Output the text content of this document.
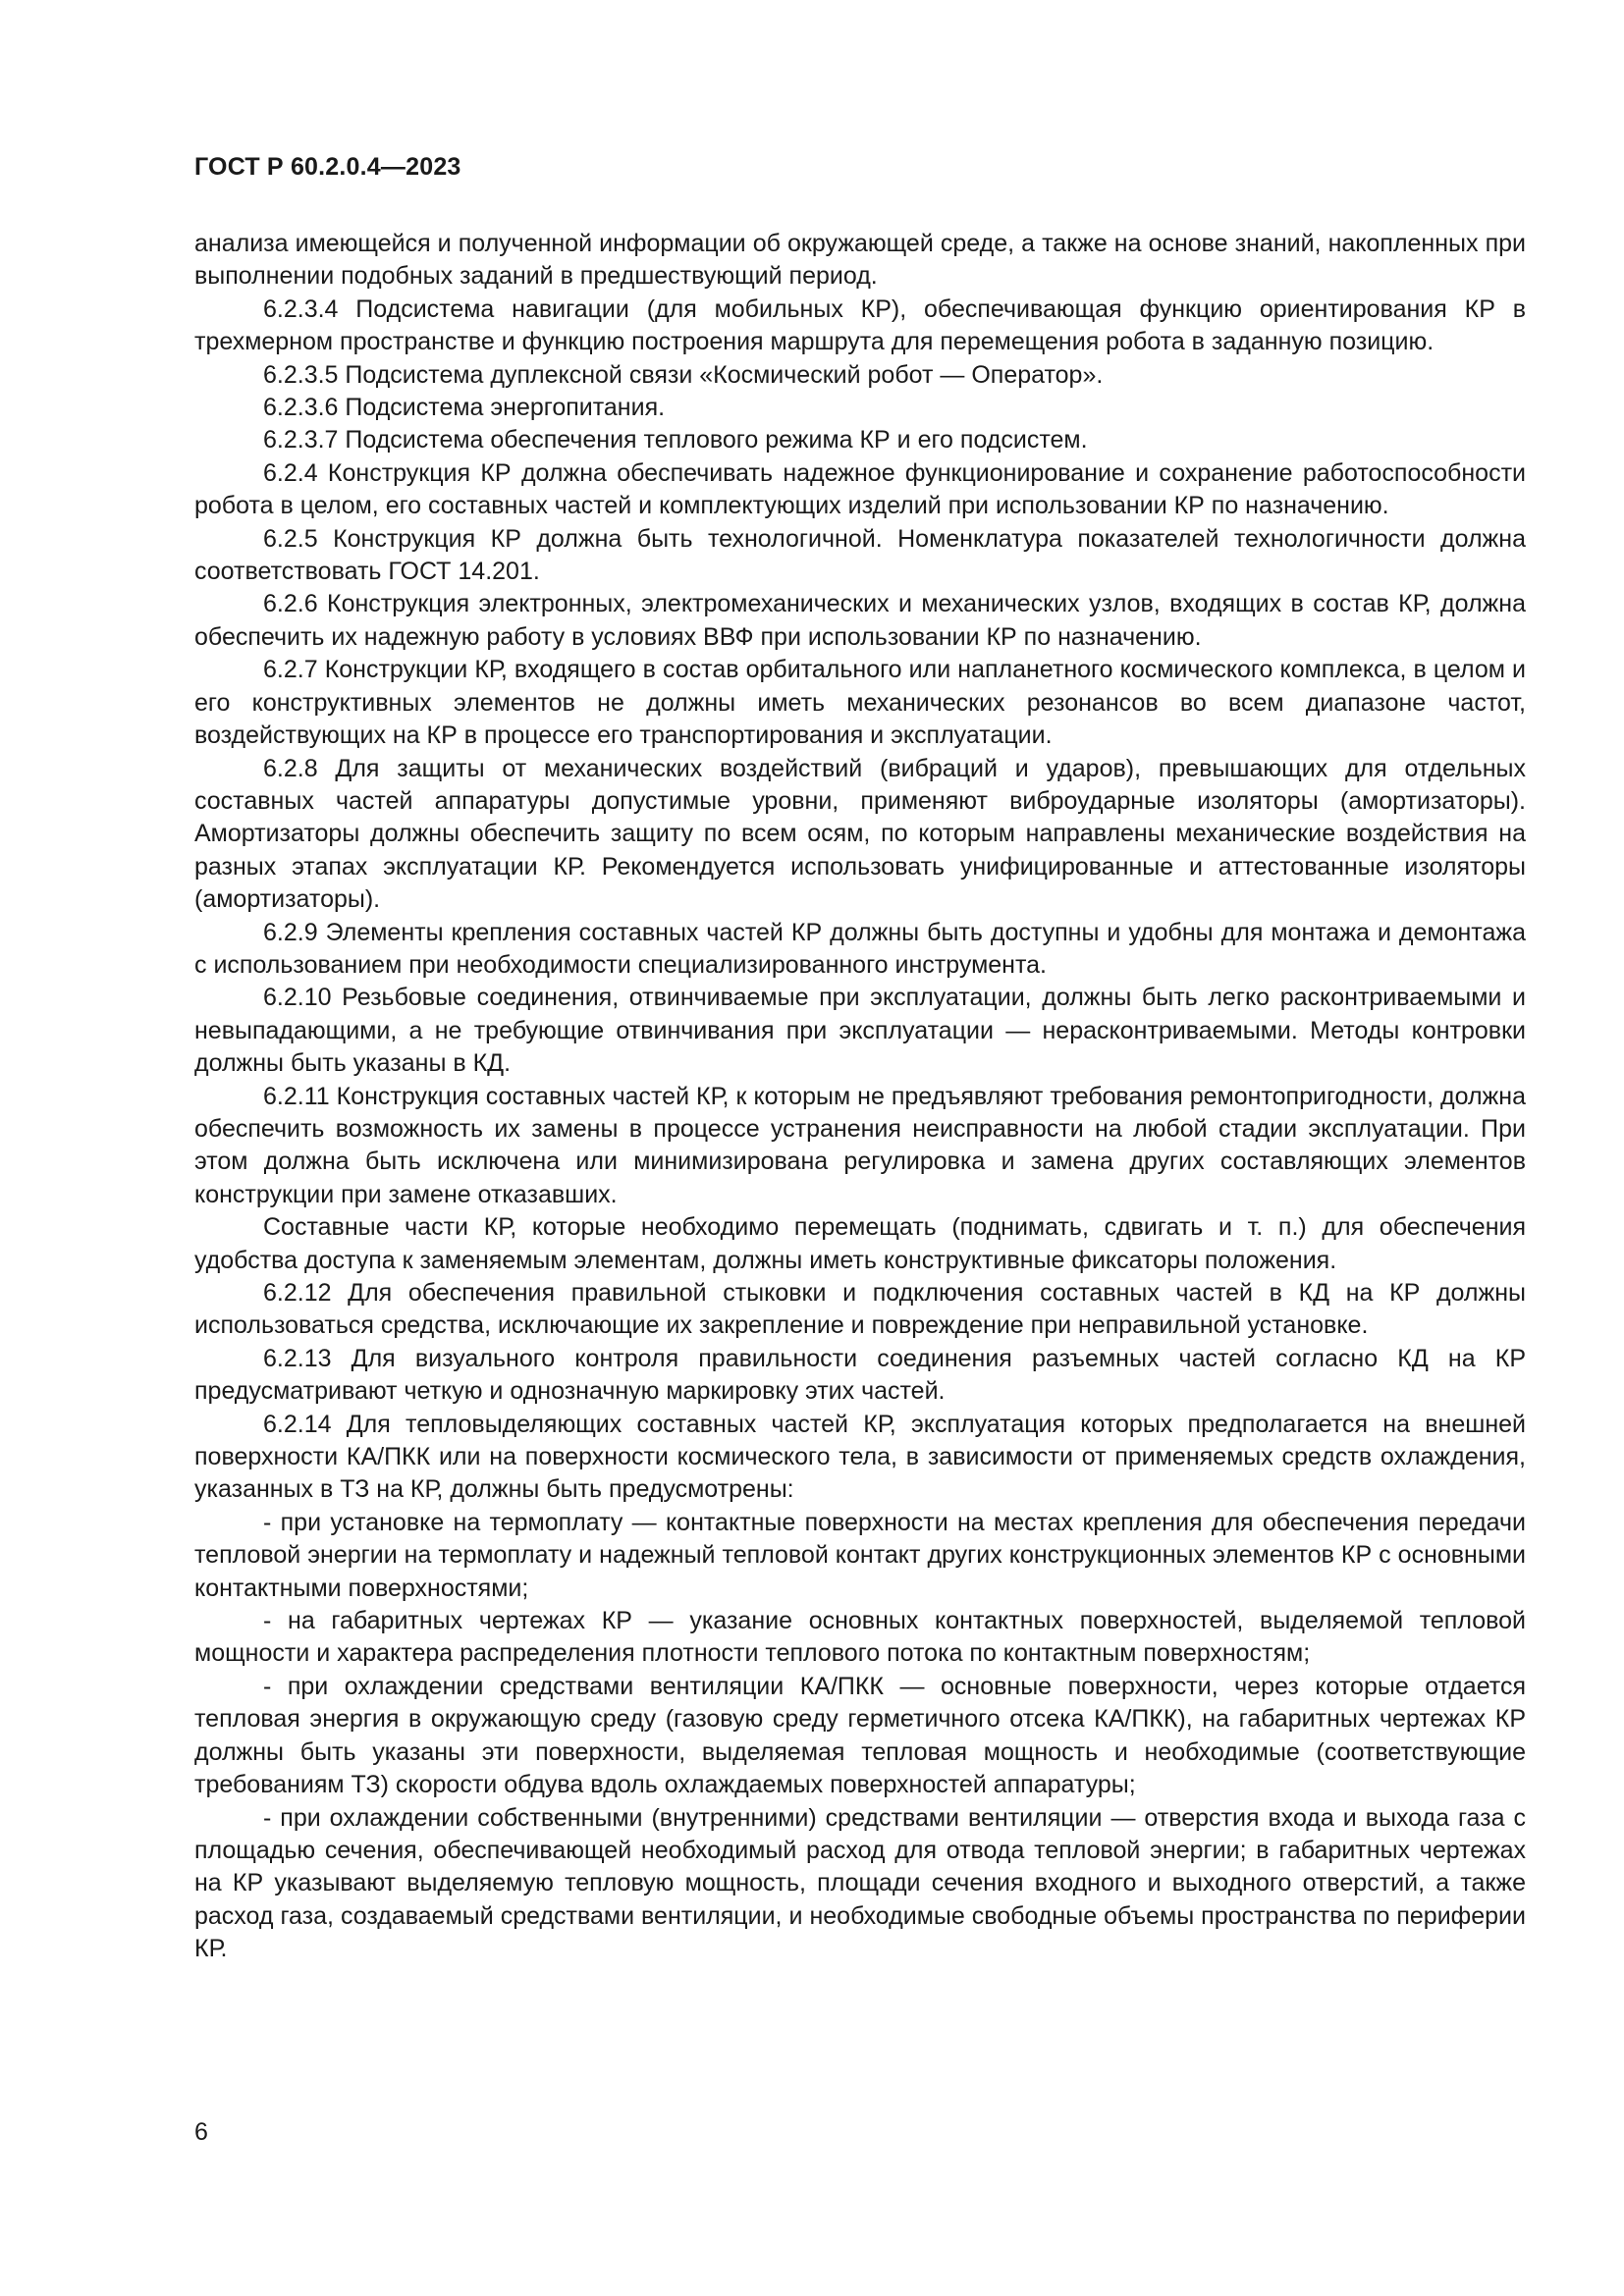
ГОСТ Р 60.2.0.4—2023

анализа имеющейся и полученной информации об окружающей среде, а также на основе знаний, накопленных при выполнении подобных заданий в предшествующий период.

6.2.3.4 Подсистема навигации (для мобильных КР), обеспечивающая функцию ориентирования КР в трехмерном пространстве и функцию построения маршрута для перемещения робота в заданную позицию.

6.2.3.5 Подсистема дуплексной связи «Космический робот — Оператор».

6.2.3.6 Подсистема энергопитания.

6.2.3.7 Подсистема обеспечения теплового режима КР и его подсистем.

6.2.4 Конструкция КР должна обеспечивать надежное функционирование и сохранение работоспособности робота в целом, его составных частей и комплектующих изделий при использовании КР по назначению.

6.2.5 Конструкция КР должна быть технологичной. Номенклатура показателей технологичности должна соответствовать ГОСТ 14.201.

6.2.6 Конструкция электронных, электромеханических и механических узлов, входящих в состав КР, должна обеспечить их надежную работу в условиях ВВФ при использовании КР по назначению.

6.2.7 Конструкции КР, входящего в состав орбитального или напланетного космического комплекса, в целом и его конструктивных элементов не должны иметь механических резонансов во всем диапазоне частот, воздействующих на КР в процессе его транспортирования и эксплуатации.

6.2.8 Для защиты от механических воздействий (вибраций и ударов), превышающих для отдельных составных частей аппаратуры допустимые уровни, применяют виброударные изоляторы (амортизаторы). Амортизаторы должны обеспечить защиту по всем осям, по которым направлены механические воздействия на разных этапах эксплуатации КР. Рекомендуется использовать унифицированные и аттестованные изоляторы (амортизаторы).

6.2.9 Элементы крепления составных частей КР должны быть доступны и удобны для монтажа и демонтажа с использованием при необходимости специализированного инструмента.

6.2.10 Резьбовые соединения, отвинчиваемые при эксплуатации, должны быть легко расконтриваемыми и невыпадающими, а не требующие отвинчивания при эксплуатации — нерасконтриваемыми. Методы контровки должны быть указаны в КД.

6.2.11 Конструкция составных частей КР, к которым не предъявляют требования ремонтопригодности, должна обеспечить возможность их замены в процессе устранения неисправности на любой стадии эксплуатации. При этом должна быть исключена или минимизирована регулировка и замена других составляющих элементов конструкции при замене отказавших.

Составные части КР, которые необходимо перемещать (поднимать, сдвигать и т. п.) для обеспечения удобства доступа к заменяемым элементам, должны иметь конструктивные фиксаторы положения.

6.2.12 Для обеспечения правильной стыковки и подключения составных частей в КД на КР должны использоваться средства, исключающие их закрепление и повреждение при неправильной установке.

6.2.13 Для визуального контроля правильности соединения разъемных частей согласно КД на КР предусматривают четкую и однозначную маркировку этих частей.

6.2.14 Для тепловыделяющих составных частей КР, эксплуатация которых предполагается на внешней поверхности КА/ПКК или на поверхности космического тела, в зависимости от применяемых средств охлаждения, указанных в ТЗ на КР, должны быть предусмотрены:

- при установке на термоплату — контактные поверхности на местах крепления для обеспечения передачи тепловой энергии на термоплату и надежный тепловой контакт других конструкционных элементов КР с основными контактными поверхностями;

- на габаритных чертежах КР — указание основных контактных поверхностей, выделяемой тепловой мощности и характера распределения плотности теплового потока по контактным поверхностям;

- при охлаждении средствами вентиляции КА/ПКК — основные поверхности, через которые отдается тепловая энергия в окружающую среду (газовую среду герметичного отсека КА/ПКК), на габаритных чертежах КР должны быть указаны эти поверхности, выделяемая тепловая мощность и необходимые (соответствующие требованиям ТЗ) скорости обдува вдоль охлаждаемых поверхностей аппаратуры;

- при охлаждении собственными (внутренними) средствами вентиляции — отверстия входа и выхода газа с площадью сечения, обеспечивающей необходимый расход для отвода тепловой энергии; в габаритных чертежах на КР указывают выделяемую тепловую мощность, площади сечения входного и выходного отверстий, а также расход газа, создаваемый средствами вентиляции, и необходимые свободные объемы пространства по периферии КР.

6
